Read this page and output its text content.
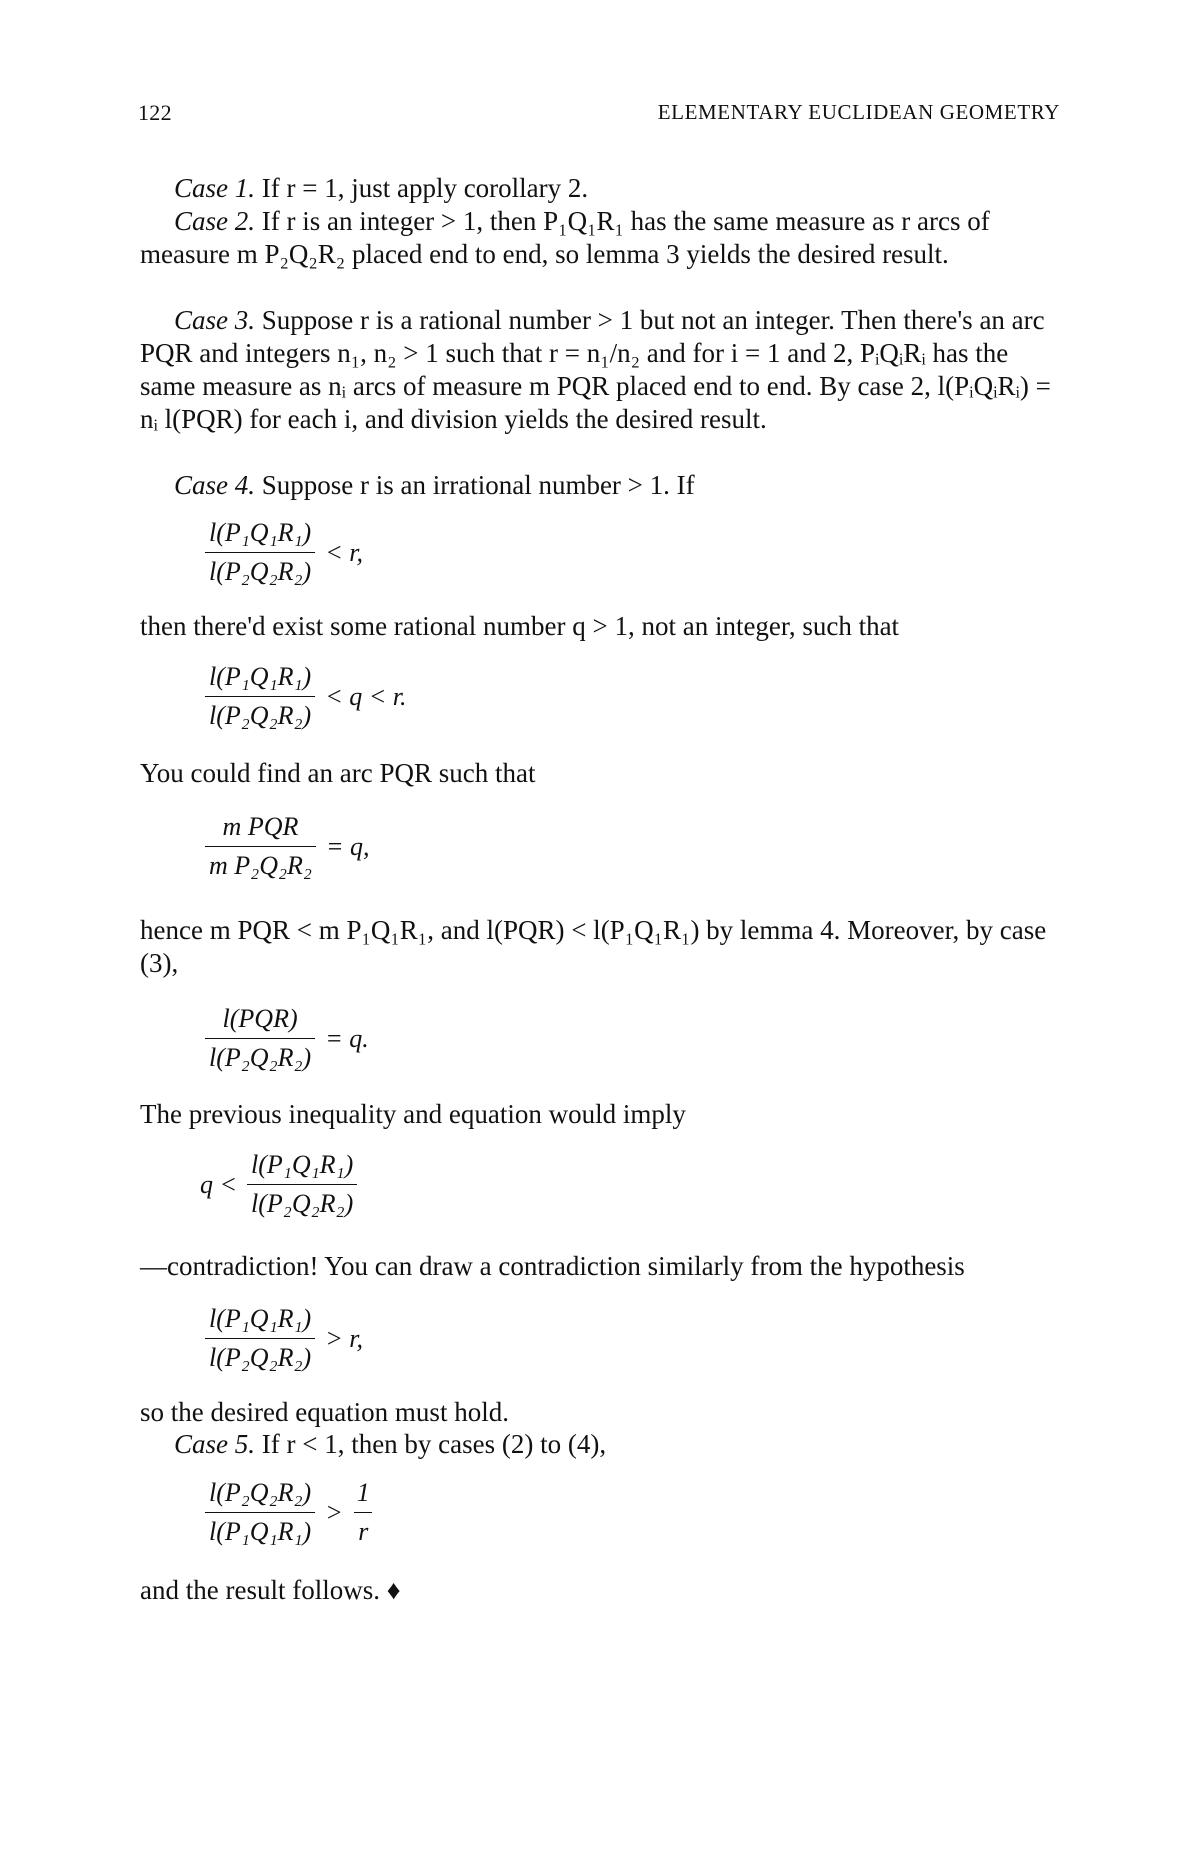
122	ELEMENTARY EUCLIDEAN GEOMETRY

Case 1. If r = 1, just apply corollary 2.

Case 2. If r is an integer > 1, then P₁Q₁R₁ has the same measure as r arcs of measure m P₂Q₂R₂ placed end to end, so lemma 3 yields the desired result.

Case 3. Suppose r is a rational number > 1 but not an integer. Then there's an arc PQR and integers n₁, n₂ > 1 such that r = n₁/n₂ and for i = 1 and 2, PᵢQᵢRᵢ has the same measure as nᵢ arcs of measure m PQR placed end to end. By case 2, l(PᵢQᵢRᵢ) = nᵢ l(PQR) for each i, and division yields the desired result.

Case 4. Suppose r is an irrational number > 1. If

$\frac{\text{l(P₁Q₁R₁)}}{\text{l(P₂Q₂R₂)}} < r$,

then there'd exist some rational number q > 1, not an integer, such that

$\frac{\text{l(P₁Q₁R₁)}}{\text{l(P₂Q₂R₂)}} < q < r$.

You could find an arc PQR such that

$\frac{\text{m PQR}}{\text{m P₂Q₂R₂}} = q$,

hence m PQR < m P₁Q₁R₁, and l(PQR) < l(P₁Q₁R₁) by lemma 4. Moreover, by case (3),

$\frac{\text{l(PQR)}}{\text{l(P₂Q₂R₂)}} = q$.

The previous inequality and equation would imply

$q < \frac{\text{l(P₁Q₁R₁)}}{\text{l(P₂Q₂R₂)}}$

—contradiction! You can draw a contradiction similarly from the hypothesis

$\frac{\text{l(P₁Q₁R₁)}}{\text{l(P₂Q₂R₂)}} > r$,

so the desired equation must hold.

Case 5. If r < 1, then by cases (2) to (4),

$\frac{\text{l(P₂Q₂R₂)}}{\text{l(P₁Q₁R₁)}} > \frac{1}{r}$

and the result follows. ♦
